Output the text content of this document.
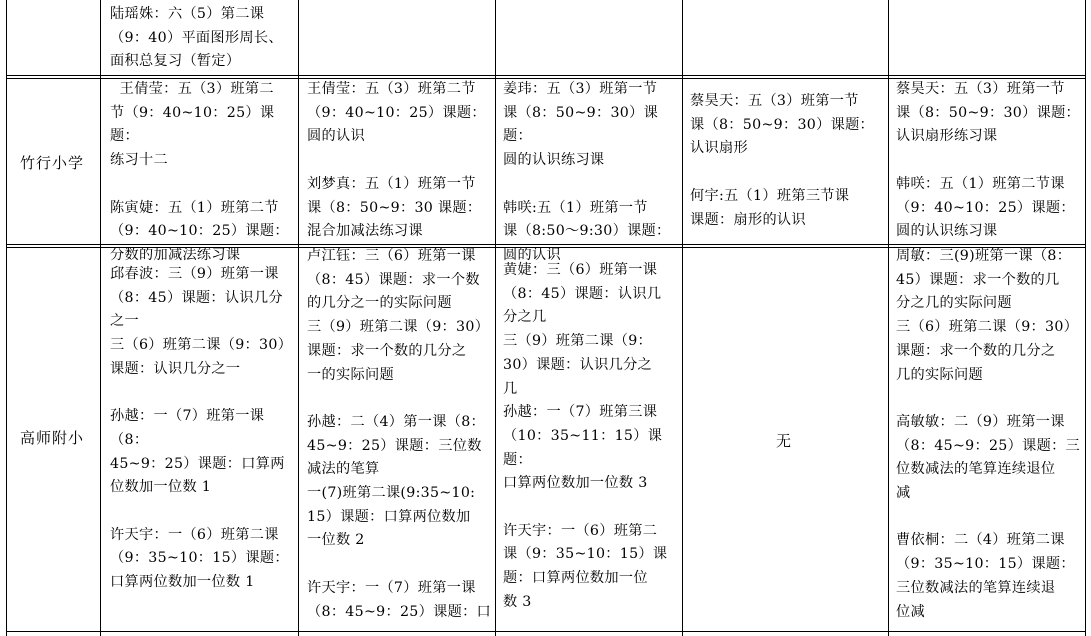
陆瑶姝：六（5）第二课
（9：40）平面图形周长、
面积总复习（暂定）
竹行小学
王倩莹：五（3）班第二
节（9：40~10：25）课题：
练习十二

陈寅婕：五（1）班第二节
（9：40~10：25）课题：
分数的加减法练习课
王倩莹：五（3）班第二节
（9：40~10：25）课题：
圆的认识

刘梦真：五（1）班第一节
课（8：50~9：30 课题：
混合加减法练习课
姜玮：五（3）班第一节
课（8：50~9：30）课题：
圆的认识练习课

韩咲:五（1）班第一节
课（8:50～9:30）课题：
圆的认识
蔡昊天：五（3）班第一节
课（8：50~9：30）课题：
认识扇形

何宇:五（1）班第三节课
课题：扇形的认识
蔡昊天：五（3）班第一节
课（8：50~9：30）课题：
认识扇形练习课

韩咲：五（1）班第二节课
（9：40~10：25）课题：
圆的认识练习课
高师附小
邱春波：三（9）班第一课
（8：45）课题：认识几分
之一
三（6）班第二课（9：30）
课题：认识几分之一

孙越：一（7）班第一课（8：
45~9：25）课题：口算两
位数加一位数 1

许天宇：一（6）班第二课
（9：35~10：15）课题：
口算两位数加一位数 1
卢江钰：三（6）班第一课
（8：45）课题：求一个数
的几分之一的实际问题
三（9）班第二课（9：30）
课题：求一个数的几分之
一的实际问题

孙越：二（4）第一课（8：
45~9：25）课题：三位数
减法的笔算
一(7)班第二课(9:35~10:
15）课题：口算两位数加
一位数 2

许天宇：一（7）班第一课
（8：45~9：25）课题：口
黄婕：三（6）班第一课
（8：45）课题：认识几
分之几
三（9）班第二课（9：
30）课题：认识几分之
几
孙越：一（7）班第三课
（10：35~11：15）课题：
口算两位数加一位数 3

许天宇：一（6）班第二
课（9：35~10：15）课
题：口算两位数加一位
数 3
无
周敏：三(9)班第一课（8：
45）课题：求一个数的几
分之几的实际问题
三（6）班第二课（9：30）
课题：求一个数的几分之
几的实际问题

高敏敏：二（9）班第一课
（8：45~9：25）课题：三
位数减法的笔算连续退位
减

曹依桐：二（4）班第二课
（9：35~10：15）课题：
三位数减法的笔算连续退
位减
